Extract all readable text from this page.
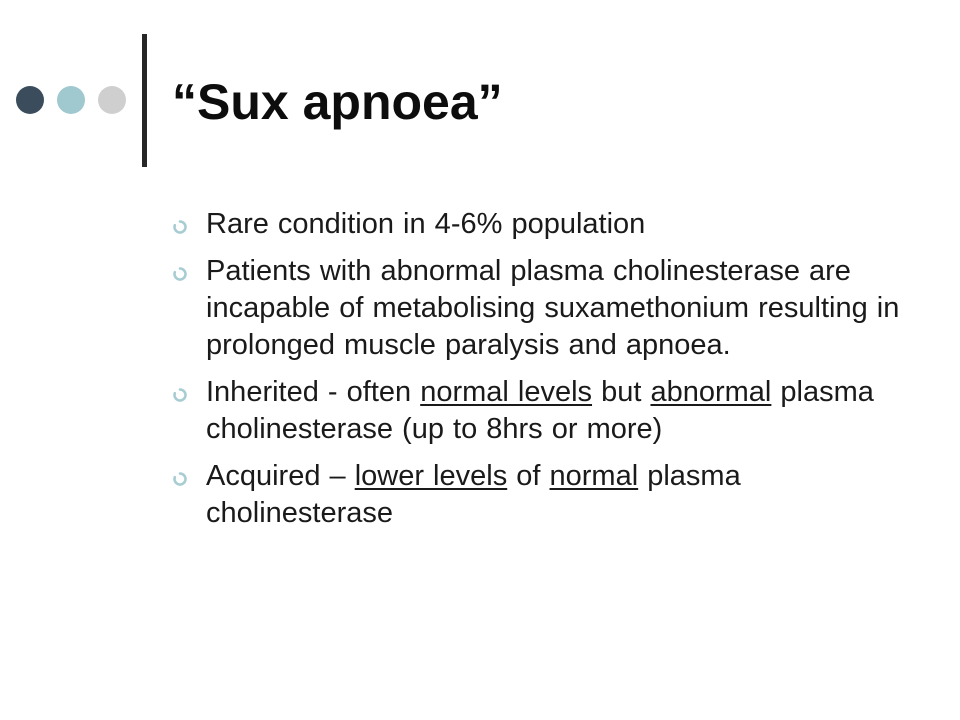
“Sux apnoea”
Rare condition in 4-6% population
Patients with abnormal plasma cholinesterase are incapable of metabolising suxamethonium resulting in prolonged muscle paralysis and apnoea.
Inherited - often normal levels but abnormal plasma cholinesterase (up to 8hrs or more)
Acquired – lower levels of normal plasma cholinesterase
